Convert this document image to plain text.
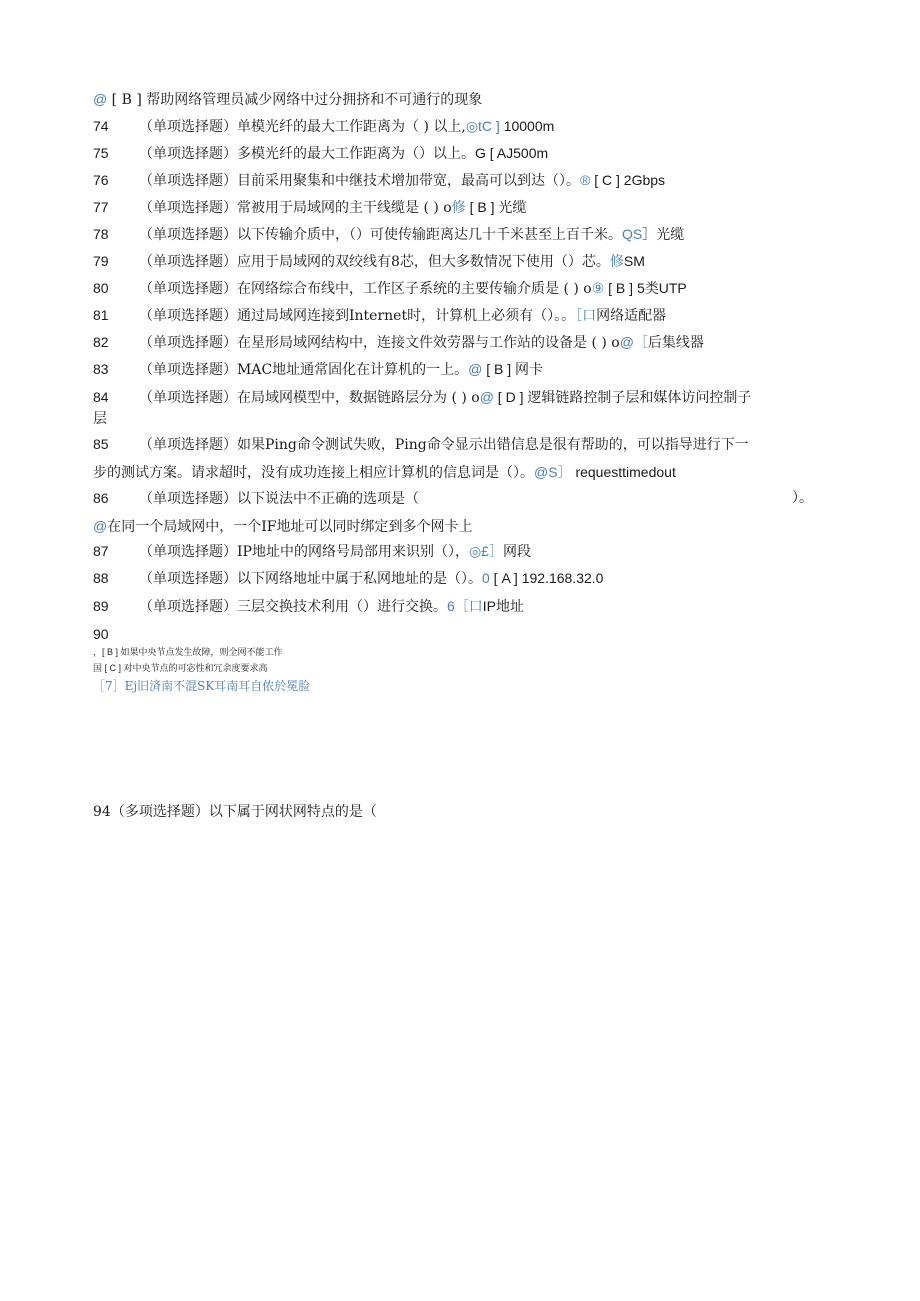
@ [ B ] 帮助网络管理员减少网络中过分拥挤和不可通行的现象
74 （单项选择题）单模光纤的最大工作距离为（ ) 以上,◎tC ] 10000m
75 （单项选择题）多模光纤的最大工作距离为（）以上。G [ AJ500m
76 （单项选择题）目前采用聚集和中继技术增加带宽，最高可以到达（）。® [ C ] 2Gbps
77 （单项选择题）常被用于局域网的主干线缆是 ( ) o修 [ B ] 光缆
78 （单项选择题）以下传输介质中，（）可使传输距离达几十千米甚至上百千米。QS］光缆
79 （单项选择题）应用于局域网的双绞线有8芯，但大多数情况下使用（）芯。修SM
80 （单项选择题）在网络综合布线中，工作区子系统的主要传输介质是 ( ) o⑨ [ B ] 5类UTP
81 （单项选择题）通过局域网连接到Internet时，计算机上必须有（）。。［口网络适配器
82 （单项选择题）在星形局域网结构中，连接文件效劳器与工作站的设备是 ( ) o@［后集线器
83 （单项选择题）MAC地址通常固化在计算机的一上。@ [ B ] 网卡
84 （单项选择题）在局域网模型中，数据链路层分为 ( ) o@ [ D ] 逻辑链路控制子层和媒体访问控制子
层
85 （单项选择题）如果Ping命令测试失败，Ping命令显示出错信息是很有帮助的，可以指导进行下一
步的测试方案。请求超时，没有成功连接上相应计算机的信息词是（）。@S］ requesttimedout
86 （单项选择题）以下说法中不正确的选项是（	）。
@在同一个局域网中，一个IF地址可以同时绑定到多个网卡上
87 （单项选择题）IP地址中的网络号局部用来识别（），◎£］网段
88 （单项选择题）以下网络地址中属于私网地址的是（）。0 [ A ] 192.168.32.0
89 （单项选择题）三层交换技术利用（）进行交换。6［口IP地址
90
，[ B ] 如果中央节点发生故障，则全网不能工作
国 [ C ] 对中央节点的可宓性和冗余度要求高
［7］Ej旧済南不混SK耳南耳自侬於冕脸
94（多项选择题）以下属于网状网特点的是（
